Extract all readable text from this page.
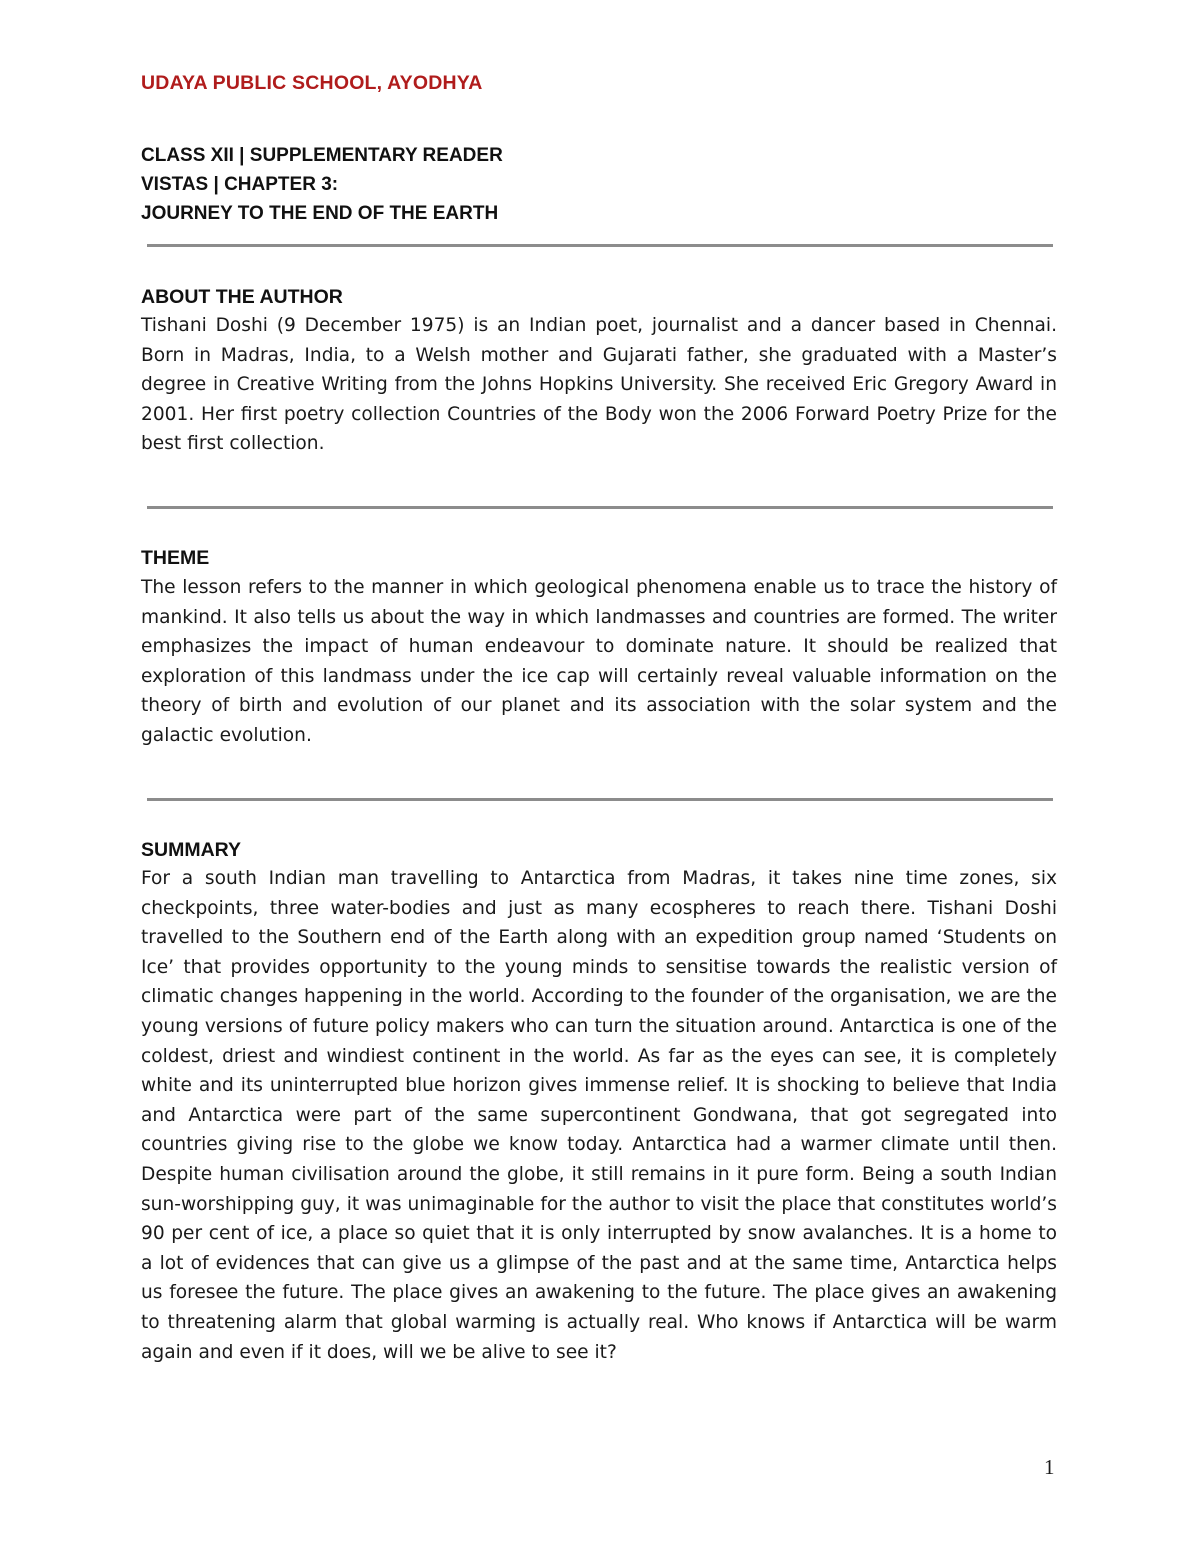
UDAYA PUBLIC SCHOOL, AYODHYA
CLASS XII | SUPPLEMENTARY READER
VISTAS | CHAPTER 3:
JOURNEY TO THE END OF THE EARTH
ABOUT THE AUTHOR

Tishani Doshi (9 December 1975) is an Indian poet, journalist and a dancer based in Chennai. Born in Madras, India, to a Welsh mother and Gujarati father, she graduated with a Master’s degree in Creative Writing from the Johns Hopkins University. She received Eric Gregory Award in 2001. Her first poetry collection Countries of the Body won the 2006 Forward Poetry Prize for the best first collection.

THEME

The lesson refers to the manner in which geological phenomena enable us to trace the history of mankind. It also tells us about the way in which landmasses and countries are formed. The writer emphasizes the impact of human endeavour to dominate nature. It should be realized that exploration of this landmass under the ice cap will certainly reveal valuable information on the theory of birth and evolution of our planet and its association with the solar system and the galactic evolution.

SUMMARY

For a south Indian man travelling to Antarctica from Madras, it takes nine time zones, six checkpoints, three water-bodies and just as many ecospheres to reach there. Tishani Doshi travelled to the Southern end of the Earth along with an expedition group named ‘Students on Ice’ that provides opportunity to the young minds to sensitise towards the realistic version of climatic changes happening in the world. According to the founder of the organisation, we are the young versions of future policy makers who can turn the situation around. Antarctica is one of the coldest, driest and windiest continent in the world. As far as the eyes can see, it is completely white and its uninterrupted blue horizon gives immense relief. It is shocking to believe that India and Antarctica were part of the same supercontinent Gondwana, that got segregated into countries giving rise to the globe we know today. Antarctica had a warmer climate until then. Despite human civilisation around the globe, it still remains in it pure form. Being a south Indian sun-worshipping guy, it was unimaginable for the author to visit the place that constitutes world’s 90 per cent of ice, a place so quiet that it is only interrupted by snow avalanches. It is a home to a lot of evidences that can give us a glimpse of the past and at the same time, Antarctica helps us foresee the future. The place gives an awakening to the future. The place gives an awakening to threatening alarm that global warming is actually real. Who knows if Antarctica will be warm again and even if it does, will we be alive to see it?

1
